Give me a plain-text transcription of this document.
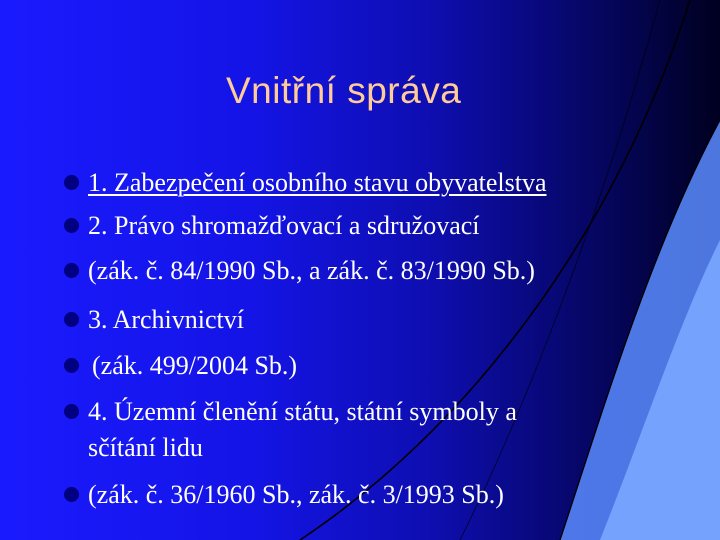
Vnitřní správa
1. Zabezpečení osobního stavu obyvatelstva
2. Právo shromažďovací a sdružovací
(zák. č. 84/1990 Sb., a zák. č. 83/1990 Sb.)
3. Archivnictví
(zák. 499/2004 Sb.)
4. Územní členění státu, státní symboly a
sčítání lidu
(zák. č. 36/1960 Sb., zák. č. 3/1993 Sb.)
